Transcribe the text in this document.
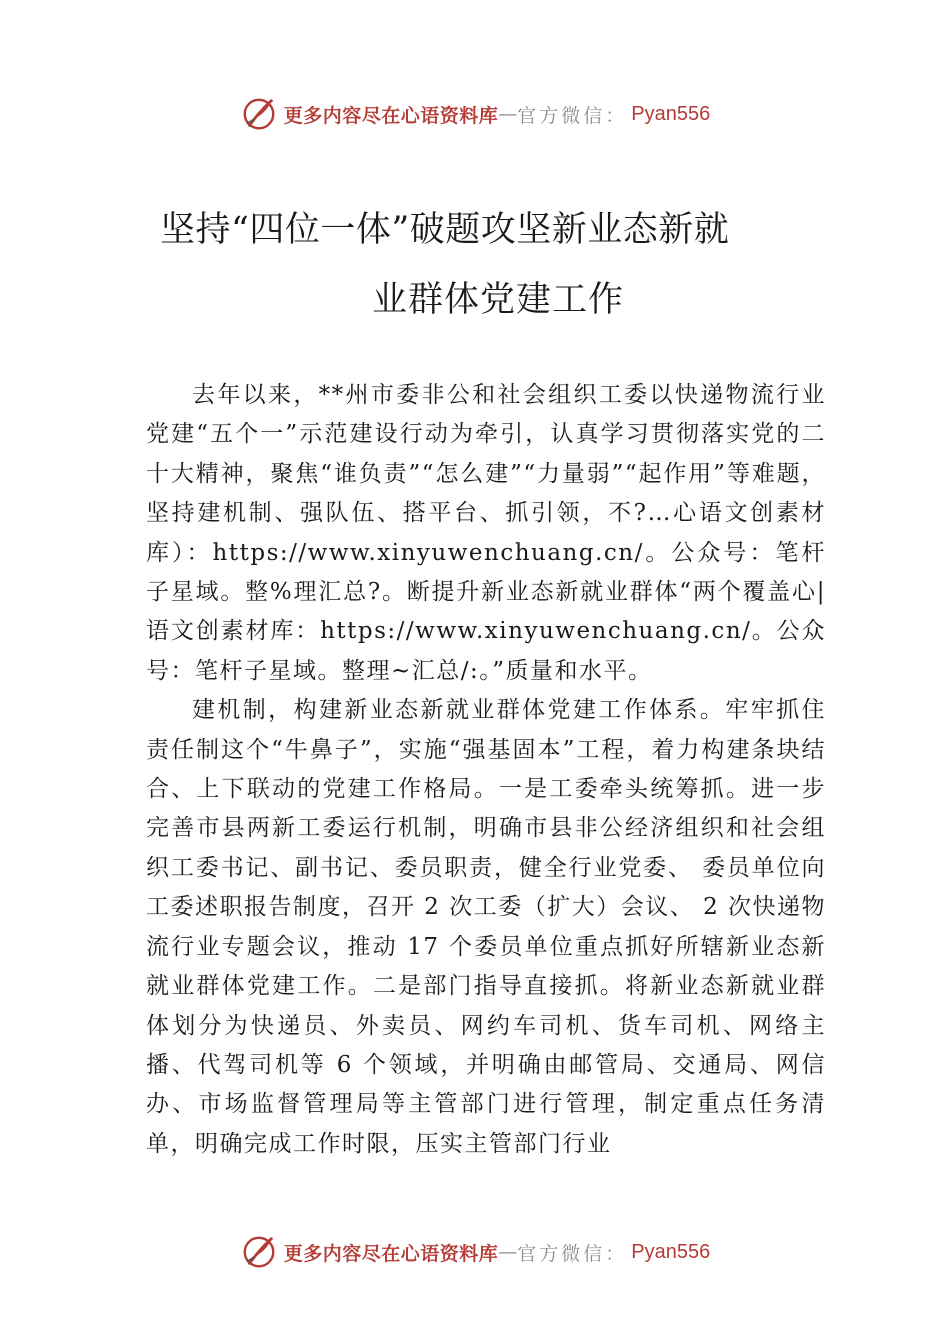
更多内容尽在心语资料库 — 官方微信： Pyan556
坚持“四位一体”破题攻坚新业态新就
业群体党建工作

去年以来，**州市委非公和社会组织工委以快递物流行业党建“五个一”示范建设行动为牵引，认真学习贯彻落实党的二十大精神，聚焦“谁负责”“怎么建”“力量弱”“起作用”等难题，坚持建机制、强队伍、搭平台、抓引领，不?…心语文创素材库）：https://www.xinyuwenchuang.cn/。公众号：笔杆子星域。整%理汇总?。断提升新业态新就业群体“两个覆盖心|语文创素材库：https://www.xinyuwenchuang.cn/。公众号：笔杆子星域。整理~汇总/:。”质量和水平。

建机制，构建新业态新就业群体党建工作体系。牢牢抓住责任制这个“牛鼻子”，实施“强基固本”工程，着力构建条块结合、上下联动的党建工作格局。一是工委牵头统筹抓。进一步完善市县两新工委运行机制，明确市县非公经济组织和社会组织工委书记、副书记、委员职责，健全行业党委、 委员单位向工委述职报告制度，召开 2 次工委（扩大）会议、 2 次快递物流行业专题会议，推动 17 个委员单位重点抓好所辖新业态新就业群体党建工作。二是部门指导直接抓。将新业态新就业群体划分为快递员、外卖员、网约车司机、货车司机、网络主播、代驾司机等 6 个领域，并明确由邮管局、交通局、网信办、市场监督管理局等主管部门进行管理，制定重点任务清单，明确完成工作时限，压实主管部门行业

更多内容尽在心语资料库 — 官方微信： Pyan556
